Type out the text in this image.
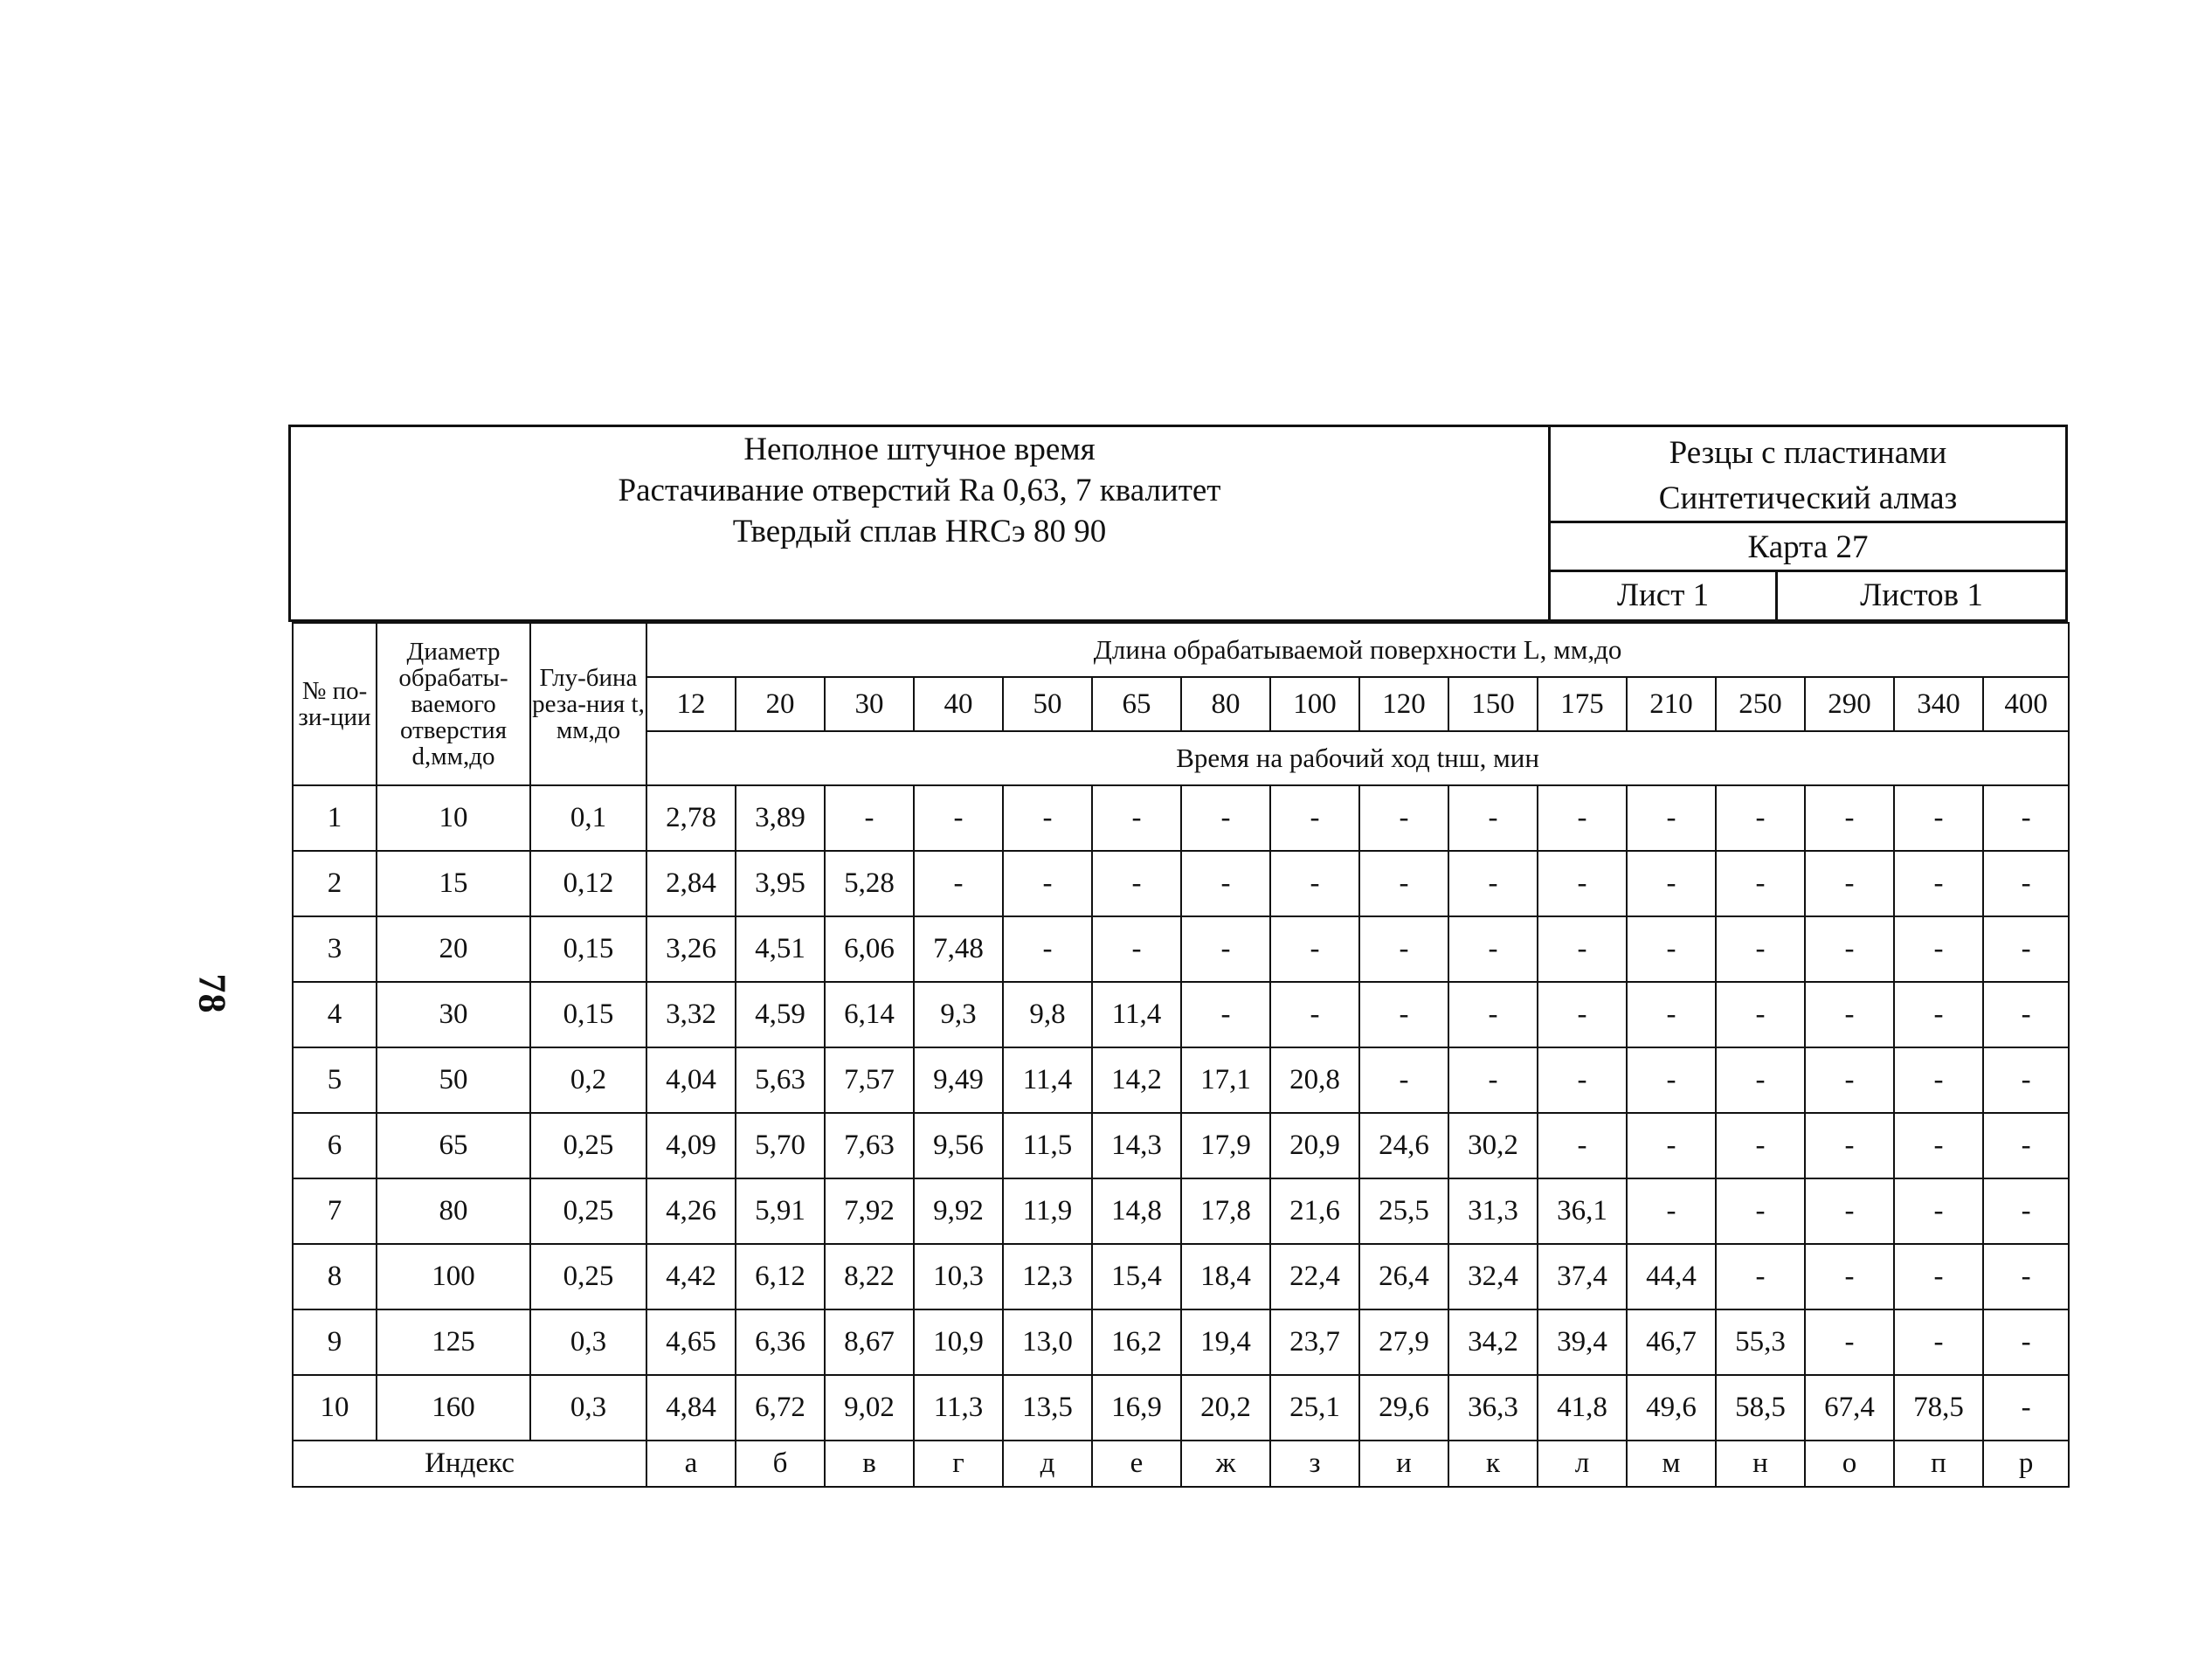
78
Неполное штучное время
Растачивание отверстий Ra 0,63, 7 квалитет
Твердый сплав HRCэ 80 90
Резцы с пластинами
Синтетический алмаз
Карта 27
Лист 1	Листов 1
№ по-зи-ции	Диаметр обрабаты-ваемого отверстия d,мм,до	Глу-бина реза-ния t, мм,до	Длина обрабатываемой поверхности L, мм,до															
			12	20	30	40	50	65	80	100	120	150	175	210	250	290	340	400
			Время на рабочий ход tнш, мин															
1	10	0,1	2,78	3,89	-	-	-	-	-	-	-	-	-	-	-	-	-	-
2	15	0,12	2,84	3,95	5,28	-	-	-	-	-	-	-	-	-	-	-	-	-
3	20	0,15	3,26	4,51	6,06	7,48	-	-	-	-	-	-	-	-	-	-	-	-
4	30	0,15	3,32	4,59	6,14	9,3	9,8	11,4	-	-	-	-	-	-	-	-	-	-
5	50	0,2	4,04	5,63	7,57	9,49	11,4	14,2	17,1	20,8	-	-	-	-	-	-	-	-
6	65	0,25	4,09	5,70	7,63	9,56	11,5	14,3	17,9	20,9	24,6	30,2	-	-	-	-	-	-
7	80	0,25	4,26	5,91	7,92	9,92	11,9	14,8	17,8	21,6	25,5	31,3	36,1	-	-	-	-	-
8	100	0,25	4,42	6,12	8,22	10,3	12,3	15,4	18,4	22,4	26,4	32,4	37,4	44,4	-	-	-	-
9	125	0,3	4,65	6,36	8,67	10,9	13,0	16,2	19,4	23,7	27,9	34,2	39,4	46,7	55,3	-	-	-
10	160	0,3	4,84	6,72	9,02	11,3	13,5	16,9	20,2	25,1	29,6	36,3	41,8	49,6	58,5	67,4	78,5	-
Индекс			а	б	в	г	д	е	ж	з	и	к	л	м	н	о	п	р
